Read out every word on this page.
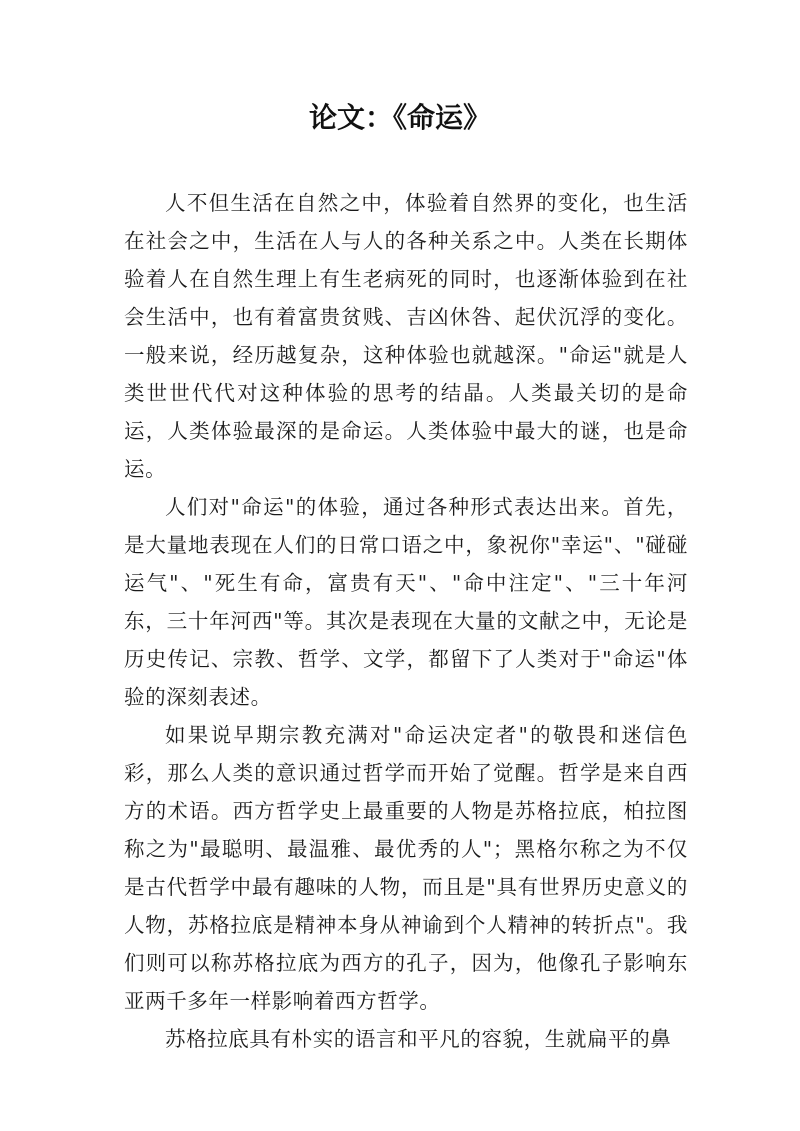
论文：《命运》

人不但生活在自然之中，体验着自然界的变化，也生活在社会之中，生活在人与人的各种关系之中。人类在长期体验着人在自然生理上有生老病死的同时，也逐渐体验到在社会生活中，也有着富贵贫贱、吉凶休咎、起伏沉浮的变化。一般来说，经历越复杂，这种体验也就越深。"命运"就是人类世世代代对这种体验的思考的结晶。人类最关切的是命运，人类体验最深的是命运。人类体验中最大的谜，也是命运。

人们对"命运"的体验，通过各种形式表达出来。首先，是大量地表现在人们的日常口语之中，象祝你"幸运"、"碰碰运气"、"死生有命，富贵有天"、"命中注定"、"三十年河东，三十年河西"等。其次是表现在大量的文献之中，无论是历史传记、宗教、哲学、文学，都留下了人类对于"命运"体验的深刻表述。

如果说早期宗教充满对"命运决定者"的敬畏和迷信色彩，那么人类的意识通过哲学而开始了觉醒。哲学是来自西方的术语。西方哲学史上最重要的人物是苏格拉底，柏拉图称之为"最聪明、最温雅、最优秀的人"；黑格尔称之为不仅是古代哲学中最有趣味的人物，而且是"具有世界历史意义的人物，苏格拉底是精神本身从神谕到个人精神的转折点"。我们则可以称苏格拉底为西方的孔子，因为，他像孔子影响东亚两千多年一样影响着西方哲学。

苏格拉底具有朴实的语言和平凡的容貌，生就扁平的鼻
